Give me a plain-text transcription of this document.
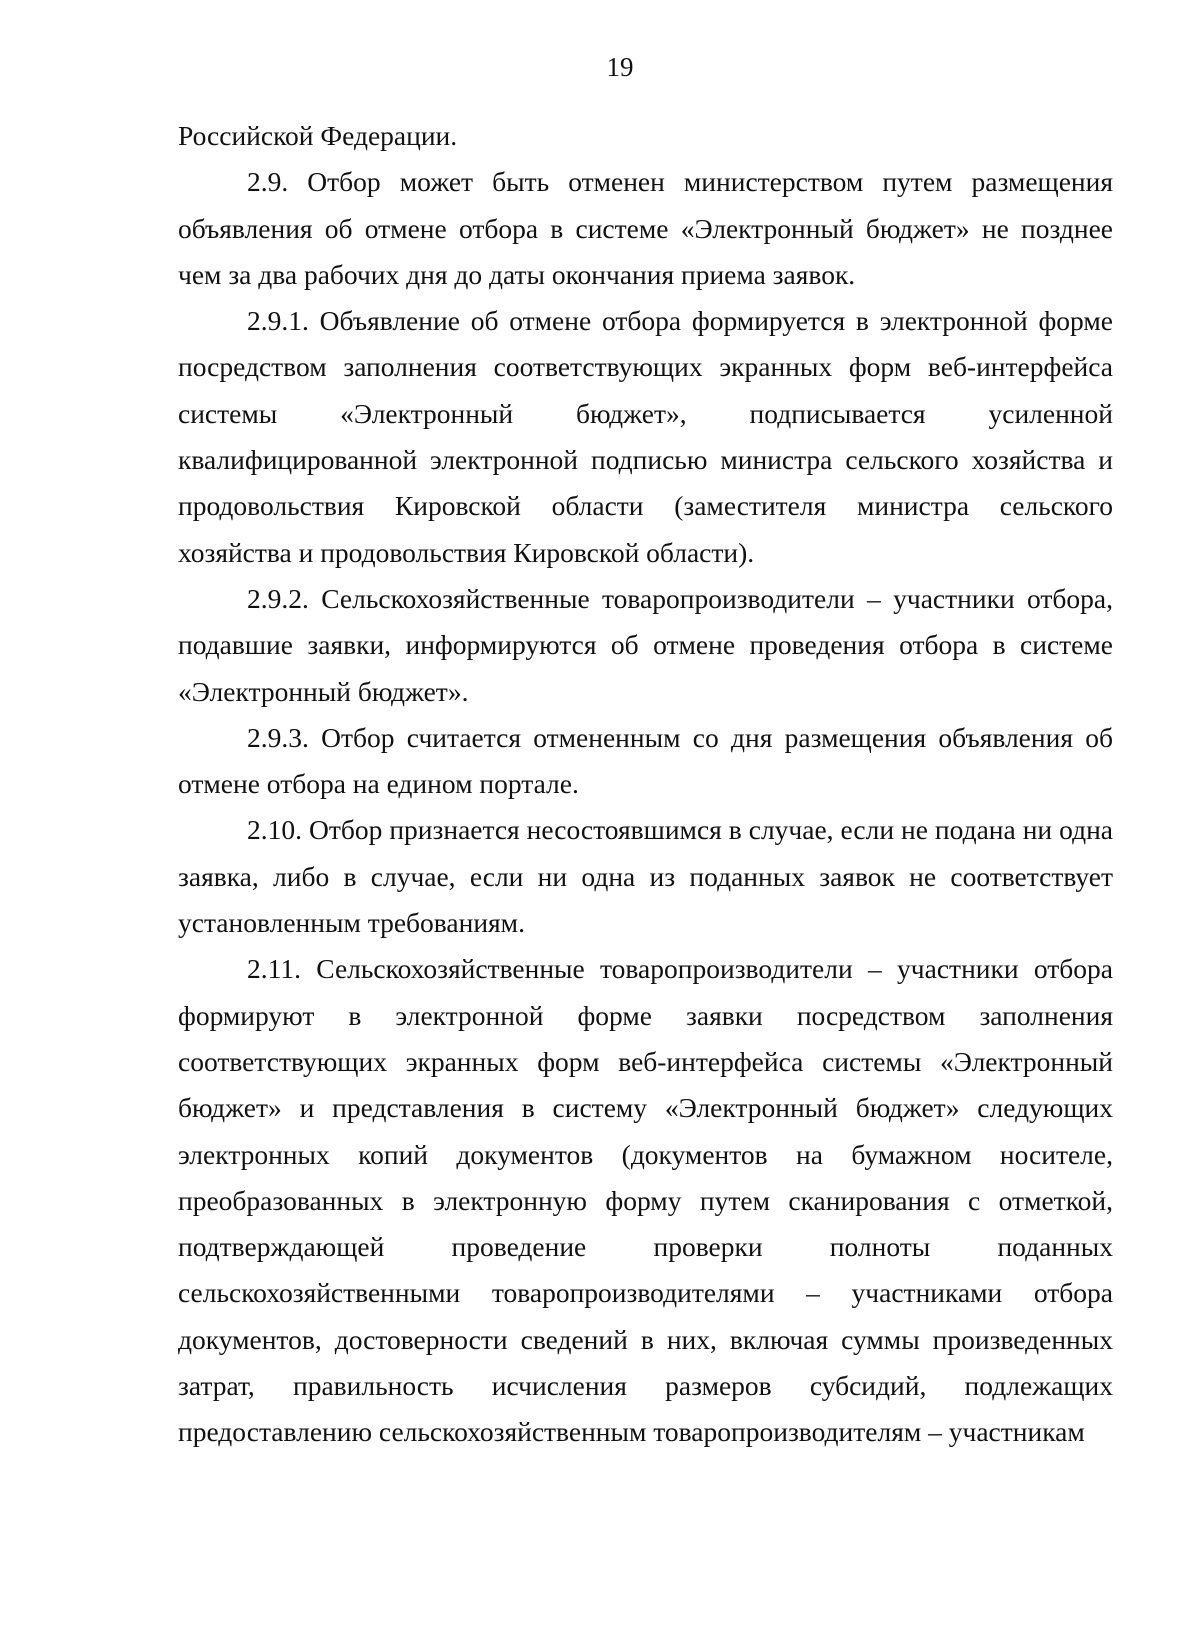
19

Российской Федерации.

2.9. Отбор может быть отменен министерством путем размещения объявления об отмене отбора в системе «Электронный бюджет» не позднее чем за два рабочих дня до даты окончания приема заявок.

2.9.1. Объявление об отмене отбора формируется в электронной форме посредством заполнения соответствующих экранных форм веб-интерфейса системы «Электронный бюджет», подписывается усиленной квалифицированной электронной подписью министра сельского хозяйства и продовольствия Кировской области (заместителя министра сельского хозяйства и продовольствия Кировской области).

2.9.2. Сельскохозяйственные товаропроизводители – участники отбора, подавшие заявки, информируются об отмене проведения отбора в системе «Электронный бюджет».

2.9.3. Отбор считается отмененным со дня размещения объявления об отмене отбора на едином портале.

2.10. Отбор признается несостоявшимся в случае, если не подана ни одна заявка, либо в случае, если ни одна из поданных заявок не соответствует установленным требованиям.

2.11. Сельскохозяйственные товаропроизводители – участники отбора формируют в электронной форме заявки посредством заполнения соответствующих экранных форм веб-интерфейса системы «Электронный бюджет» и представления в систему «Электронный бюджет» следующих электронных копий документов (документов на бумажном носителе, преобразованных в электронную форму путем сканирования с отметкой, подтверждающей проведение проверки полноты поданных сельскохозяйственными товаропроизводителями – участниками отбора документов, достоверности сведений в них, включая суммы произведенных затрат, правильность исчисления размеров субсидий, подлежащих предоставлению сельскохозяйственным товаропроизводителям – участникам
